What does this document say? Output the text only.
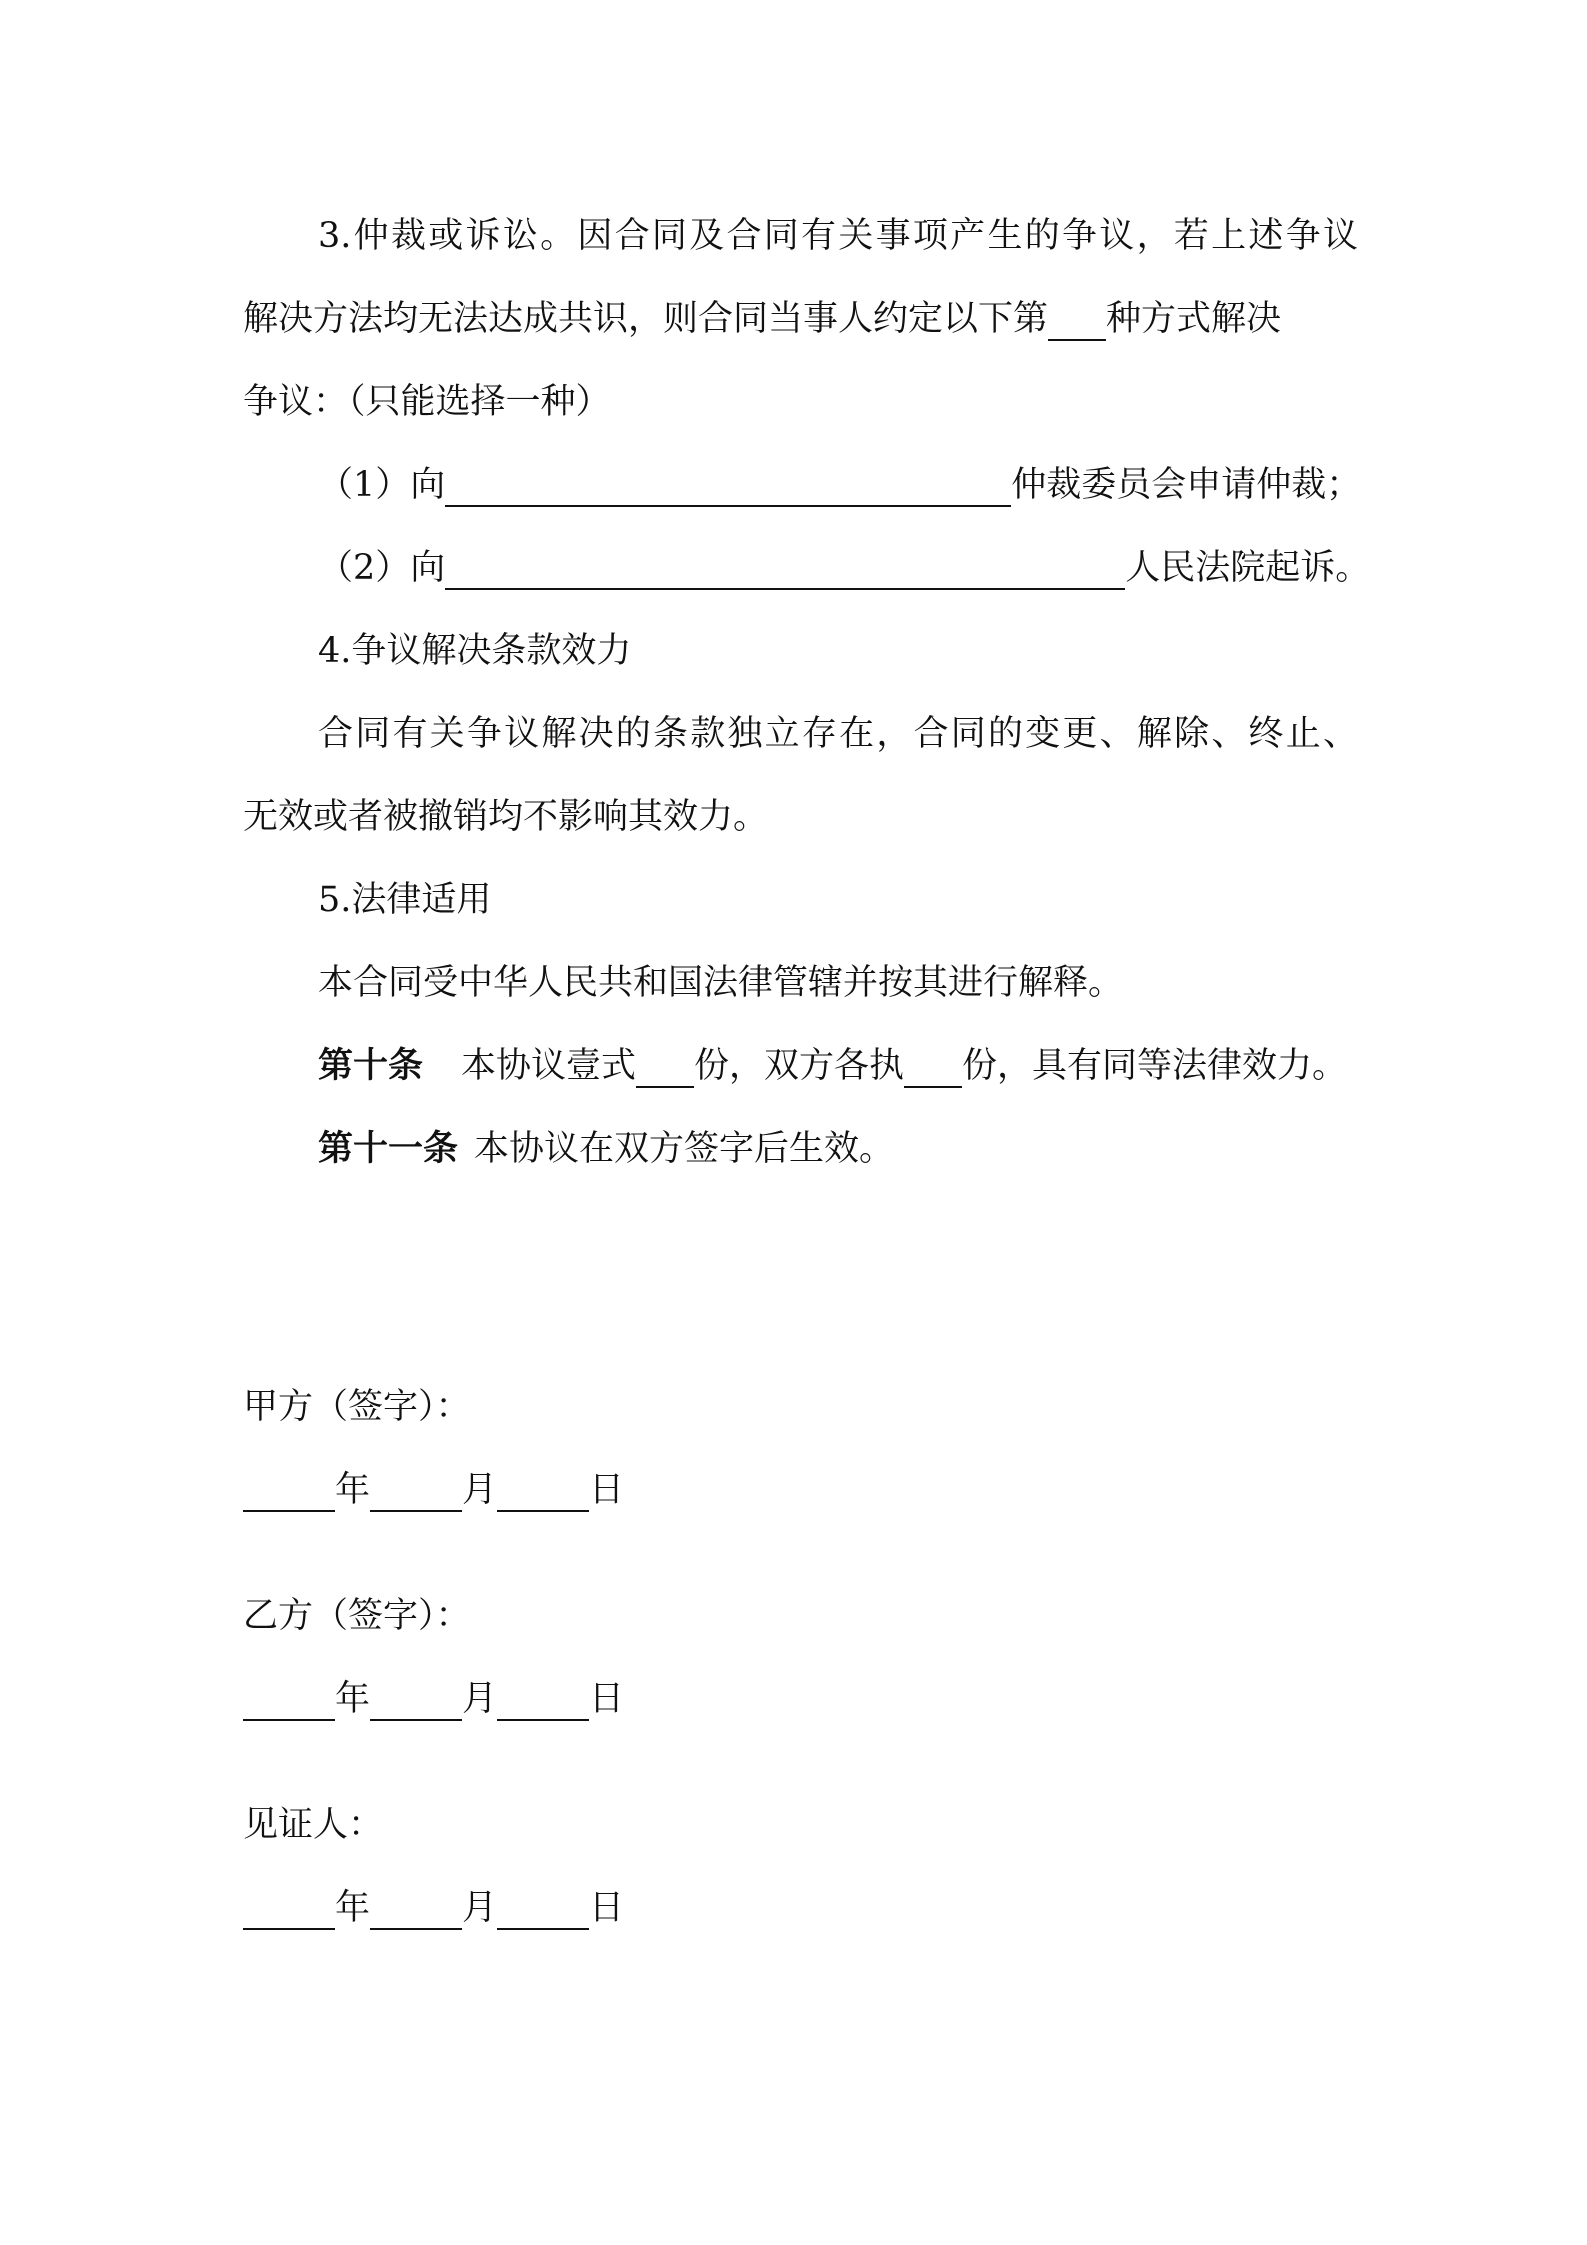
3.仲裁或诉讼。因合同及合同有关事项产生的争议，若上述争议
解决方法均无法达成共识，则合同当事人约定以下第 种方式解决
争议：（只能选择一种）
（1）向	仲裁委员会申请仲裁；
（2）向	人民法院起诉。
4.争议解决条款效力
合同有关争议解决的条款独立存在，合同的变更、解除、终止、
无效或者被撤销均不影响其效力。
5.法律适用
本合同受中华人民共和国法律管辖并按其进行解释。
第十条 本协议壹式 份，双方各执 份，具有同等法律效力。
第十一条 本协议在双方签字后生效。
甲方（签字）：
年	月	日
乙方（签字）：
年	月	日
见证人：
年	月	日
